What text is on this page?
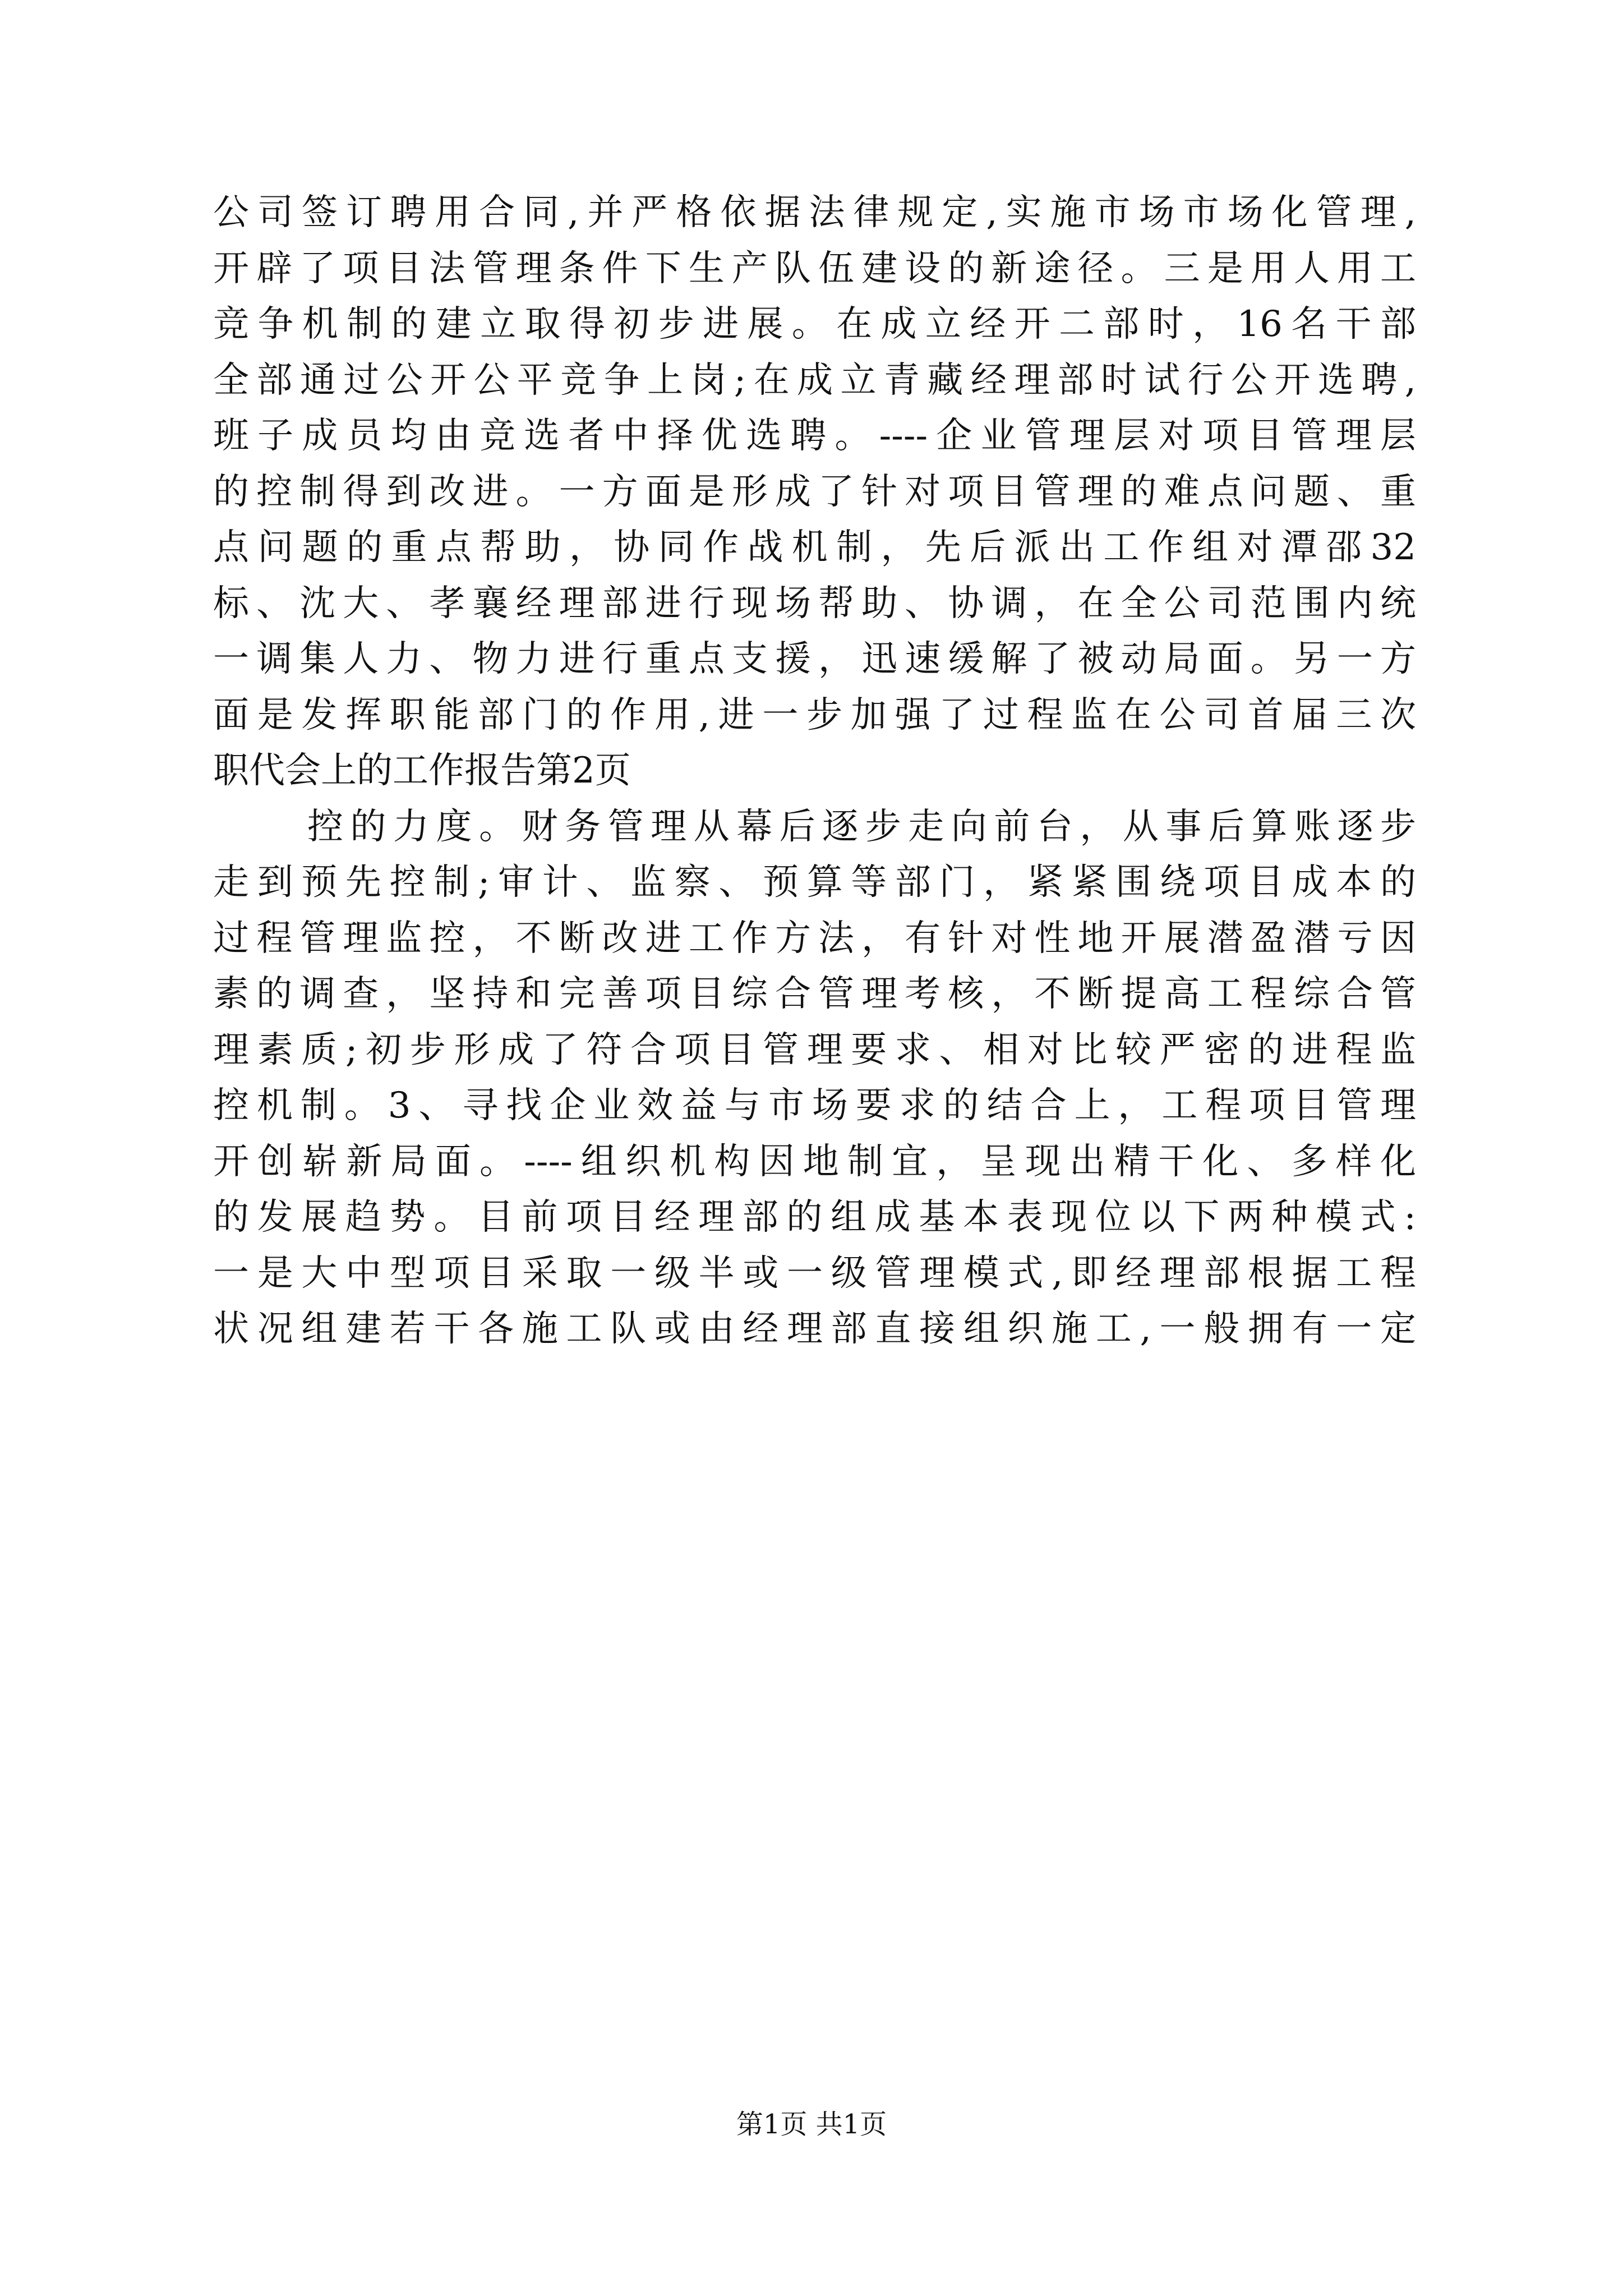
公司签订聘用合同,并严格依据法律规定,实施市场市场化管理,
开辟了项目法管理条件下生产队伍建设的新途径。三是用人用工
竞争机制的建立取得初步进展。在成立经开二部时，16名干部
全部通过公开公平竞争上岗;在成立青藏经理部时试行公开选聘,
班子成员均由竞选者中择优选聘。----企业管理层对项目管理层
的控制得到改进。一方面是形成了针对项目管理的难点问题、重
点问题的重点帮助，协同作战机制，先后派出工作组对潭邵32
标、沈大、孝襄经理部进行现场帮助、协调，在全公司范围内统
一调集人力、物力进行重点支援，迅速缓解了被动局面。另一方
面是发挥职能部门的作用,进一步加强了过程监在公司首届三次
职代会上的工作报告第2页
控的力度。财务管理从幕后逐步走向前台，从事后算账逐步
走到预先控制;审计、监察、预算等部门，紧紧围绕项目成本的
过程管理监控，不断改进工作方法，有针对性地开展潜盈潜亏因
素的调查，坚持和完善项目综合管理考核，不断提高工程综合管
理素质;初步形成了符合项目管理要求、相对比较严密的进程监
控机制。3、寻找企业效益与市场要求的结合上，工程项目管理
开创崭新局面。----组织机构因地制宜，呈现出精干化、多样化
的发展趋势。目前项目经理部的组成基本表现位以下两种模式:
一是大中型项目采取一级半或一级管理模式,即经理部根据工程
状况组建若干各施工队或由经理部直接组织施工,一般拥有一定
第1页 共1页
